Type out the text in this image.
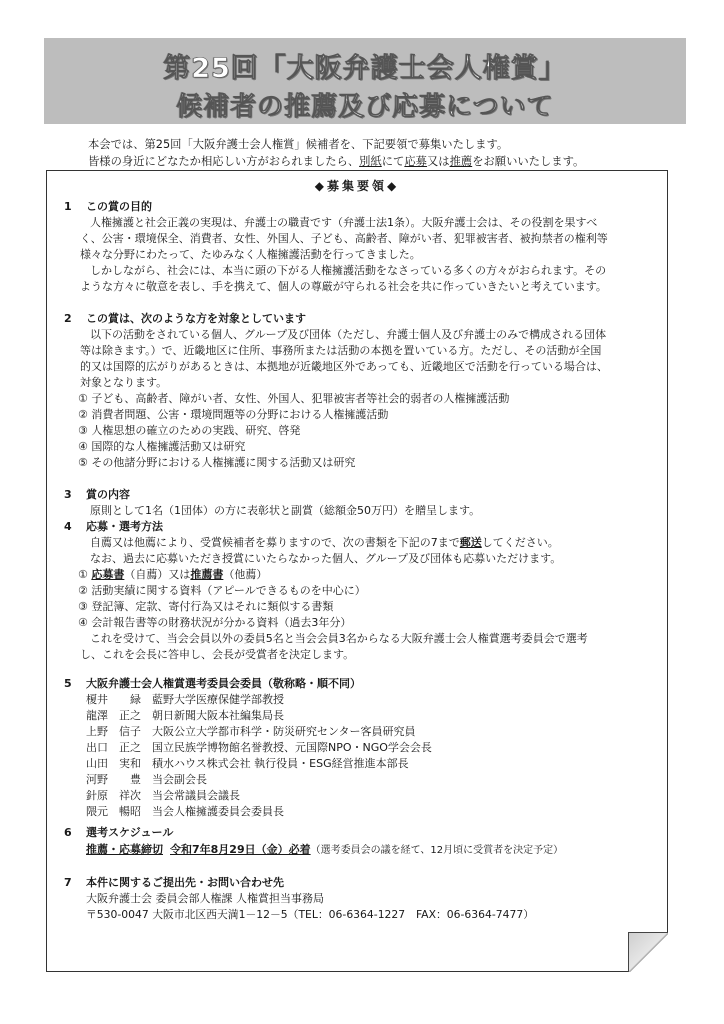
第25回「大阪弁護士会人権賞」
候補者の推薦及び応募について
本会では、第25回「大阪弁護士会人権賞」候補者を、下記要領で募集いたします。
皆様の身近にどなたか相応しい方がおられましたら、別紙にて応募又は推薦をお願いいたします。
◆募集要領◆
1 この賞の目的
人権擁護と社会正義の実現は、弁護士の職責です（弁護士法1条）。大阪弁護士会は、その役割を果すべ
く、公害・環境保全、消費者、女性、外国人、子ども、高齢者、障がい者、犯罪被害者、被拘禁者の権利等
様々な分野にわたって、たゆみなく人権擁護活動を行ってきました。
しかしながら、社会には、本当に頭の下がる人権擁護活動をなさっている多くの方々がおられます。その
ような方々に敬意を表し、手を携えて、個人の尊厳が守られる社会を共に作っていきたいと考えています。
2 この賞は、次のような方を対象としています
以下の活動をされている個人、グループ及び団体（ただし、弁護士個人及び弁護士のみで構成される団体
等は除きます。）で、近畿地区に住所、事務所または活動の本拠を置いている方。ただし、その活動が全国
的又は国際的広がりがあるときは、本拠地が近畿地区外であっても、近畿地区で活動を行っている場合は、
対象となります。
① 子ども、高齢者、障がい者、女性、外国人、犯罪被害者等社会的弱者の人権擁護活動
② 消費者問題、公害・環境問題等の分野における人権擁護活動
③ 人権思想の確立のための実践、研究、啓発
④ 国際的な人権擁護活動又は研究
⑤ その他諸分野における人権擁護に関する活動又は研究
3 賞の内容
原則として1名（1団体）の方に表彰状と副賞（総額金50万円）を贈呈します。
4 応募・選考方法
自薦又は他薦により、受賞候補者を募りますので、次の書類を下記の7まで郵送してください。
なお、過去に応募いただき授賞にいたらなかった個人、グループ及び団体も応募いただけます。
① 応募書（自薦）又は推薦書（他薦）
② 活動実績に関する資料（アピールできるものを中心に）
③ 登記簿、定款、寄付行為又はそれに類似する書類
④ 会計報告書等の財務状況が分かる資料（過去3年分）
これを受けて、当会会員以外の委員5名と当会会員3名からなる大阪弁護士会人権賞選考委員会で選考
し、これを会長に答申し、会長が受賞者を決定します。
5 大阪弁護士会人権賞選考委員会委員（敬称略・順不同）
榎井　　緑 藍野大学医療保健学部教授
龍澤　正之 朝日新聞大阪本社編集局長
上野　信子 大阪公立大学都市科学・防災研究センター客員研究員
出口　正之 国立民族学博物館名誉教授、元国際NPO・NGO学会会長
山田　実和 積水ハウス株式会社 執行役員・ESG経営推進本部長
河野　　豊 当会副会長
針原　祥次 当会常議員会議長
隈元　暢昭 当会人権擁護委員会委員長
6 選考スケジュール
推薦・応募締切 令和7年8月29日（金）必着（選考委員会の議を経て、12月頃に受賞者を決定予定）
7 本件に関するご提出先・お問い合わせ先
大阪弁護士会 委員会部人権課 人権賞担当事務局
〒530-0047 大阪市北区西天満1－12－5（TEL：06-6364-1227　FAX：06-6364-7477）
